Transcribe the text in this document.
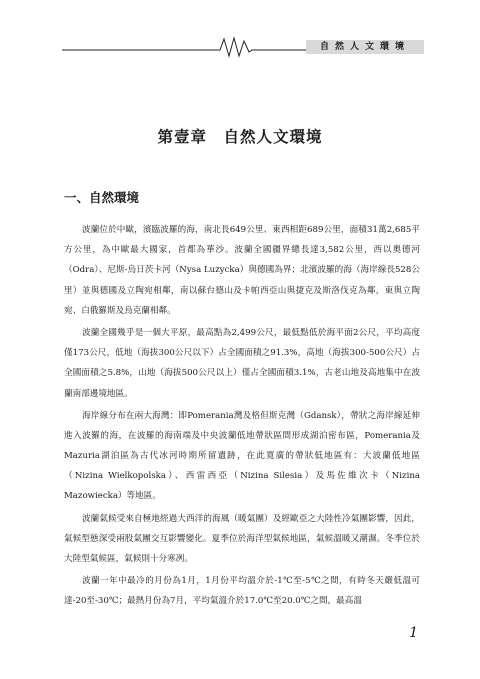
自然人文環境
第壹章　自然人文環境
一、自然環境

波蘭位於中歐，濱臨波羅的海，南北長649公里、東西相距689公里，面積31萬2,685平方公里，為中歐最大國家，首都為華沙。波蘭全國疆界總長達3,582公里，西以奧德河（Odra）、尼斯-烏日茨卡河（Nysa Luzycka）與德國為界；北濱波羅的海（海岸線長528公里）並與德國及立陶宛相鄰，南以蘇台德山及卡帕西亞山與捷克及斯洛伐克為鄰，東與立陶宛、白俄羅斯及烏克蘭相鄰。

波蘭全國幾乎是一個大平原，最高點為2,499公尺，最低點低於海平面2公尺，平均高度僅173公尺，低地（海拔300公尺以下）占全國面積之91.3%，高地（海拔300-500公尺）占全國面積之5.8%，山地（海拔500公尺以上）僅占全國面積3.1%，古老山地及高地集中在波蘭南部邊境地區。

海岸線分布在兩大海灣：即Pomerania灣及格但斯克灣（Gdansk），帶狀之海岸線延伸進入波羅的海，在波羅的海南端及中央波蘭低地帶狀區間形成湖泊密布區，Pomerania及Mazuria湖泊區為古代冰河時期所留遺跡，在此寬廣的帶狀低地區有：大波蘭低地區（Nizina Wielkopolska）、西雷西亞（Nizina Silesia）及馬佐維次卡（Nizina Mazowiecka）等地區。

波蘭氣候受來自極地經過大西洋的海風（暖氣團）及經歐亞之大陸性冷氣團影響，因此，氣候型態深受兩股氣團交互影響變化。夏季位於海洋型氣候地區，氣候溫暖又潮濕。冬季位於大陸型氣候區，氣候則十分寒冽。

波蘭一年中最冷的月份為1月，1月份平均溫介於-1℃至-5℃之間，有時冬天嚴低溫可達-20至-30℃；最熱月份為7月，平均氣溫介於17.0℃至20.0℃之間，最高溫

1
